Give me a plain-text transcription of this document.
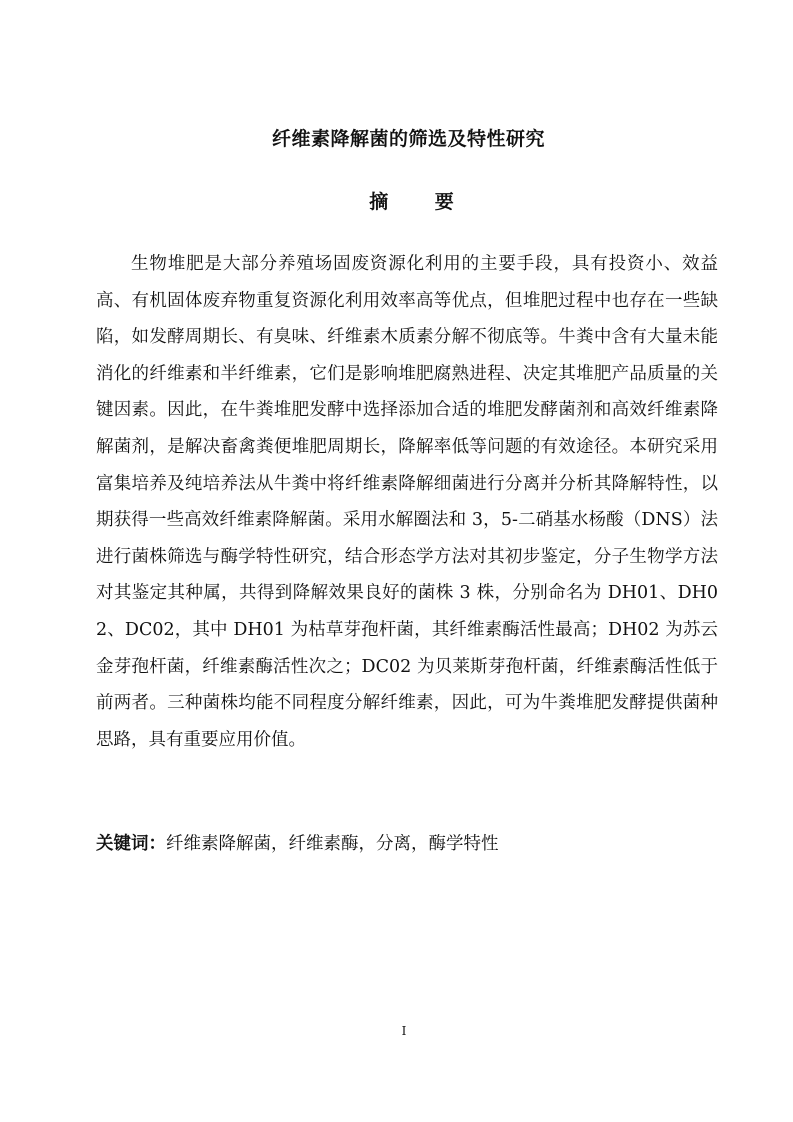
纤维素降解菌的筛选及特性研究
摘 要

生物堆肥是大部分养殖场固废资源化利用的主要手段，具有投资小、效益高、有机固体废弃物重复资源化利用效率高等优点，但堆肥过程中也存在一些缺陷，如发酵周期长、有臭味、纤维素木质素分解不彻底等。牛粪中含有大量未能消化的纤维素和半纤维素，它们是影响堆肥腐熟进程、决定其堆肥产品质量的关键因素。因此，在牛粪堆肥发酵中选择添加合适的堆肥发酵菌剂和高效纤维素降解菌剂，是解决畜禽粪便堆肥周期长，降解率低等问题的有效途径。本研究采用富集培养及纯培养法从牛粪中将纤维素降解细菌进行分离并分析其降解特性，以期获得一些高效纤维素降解菌。采用水解圈法和 3，5-二硝基水杨酸（DNS）法进行菌株筛选与酶学特性研究，结合形态学方法对其初步鉴定，分子生物学方法对其鉴定其种属，共得到降解效果良好的菌株 3 株，分别命名为 DH01、DH02、DC02，其中 DH01 为枯草芽孢杆菌，其纤维素酶活性最高；DH02 为苏云金芽孢杆菌，纤维素酶活性次之；DC02 为贝莱斯芽孢杆菌，纤维素酶活性低于前两者。三种菌株均能不同程度分解纤维素，因此，可为牛粪堆肥发酵提供菌种思路，具有重要应用价值。

关键词：纤维素降解菌，纤维素酶，分离，酶学特性
I
